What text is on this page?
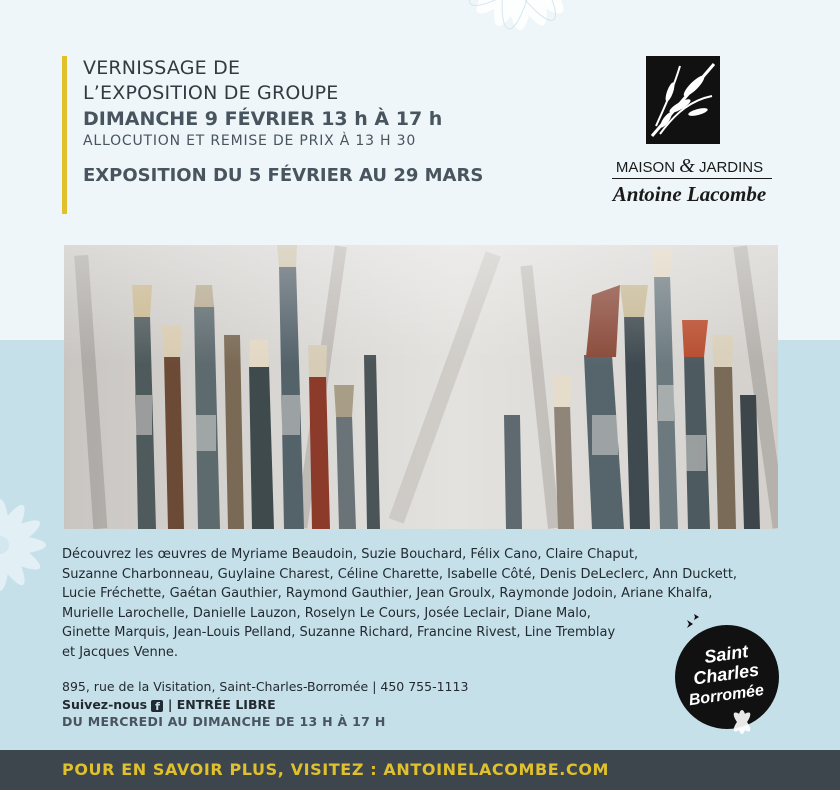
VERNISSAGE DE
L’EXPOSITION DE GROUPE
DIMANCHE 9 FÉVRIER 13 h À 17 h
ALLOCUTION ET REMISE DE PRIX À 13 H 30
EXPOSITION DU 5 FÉVRIER AU 29 MARS	MAISON & JARDINS
Antoine Lacombe
Découvrez les œuvres de Myriame Beaudoin, Suzie Bouchard, Félix Cano, Claire Chaput,
Suzanne Charbonneau, Guylaine Charest, Céline Charette, Isabelle Côté, Denis DeLeclerc, Ann Duckett,
Lucie Fréchette, Gaétan Gauthier, Raymond Gauthier, Jean Groulx, Raymonde Jodoin, Ariane Khalfa,
Murielle Larochelle, Danielle Lauzon, Roselyn Le Cours, Josée Leclair, Diane Malo,
Ginette Marquis, Jean-Louis Pelland, Suzanne Richard, Francine Rivest, Line Tremblay
et Jacques Venne.
895, rue de la Visitation, Saint-Charles-Borromée | 450 755-1113
Suivez-nous f | ENTRÉE LIBRE
DU MERCREDI AU DIMANCHE DE 13 H À 17 H
Saint
Charles
Borromée
POUR EN SAVOIR PLUS, VISITEZ : ANTOINELACOMBE.COM
